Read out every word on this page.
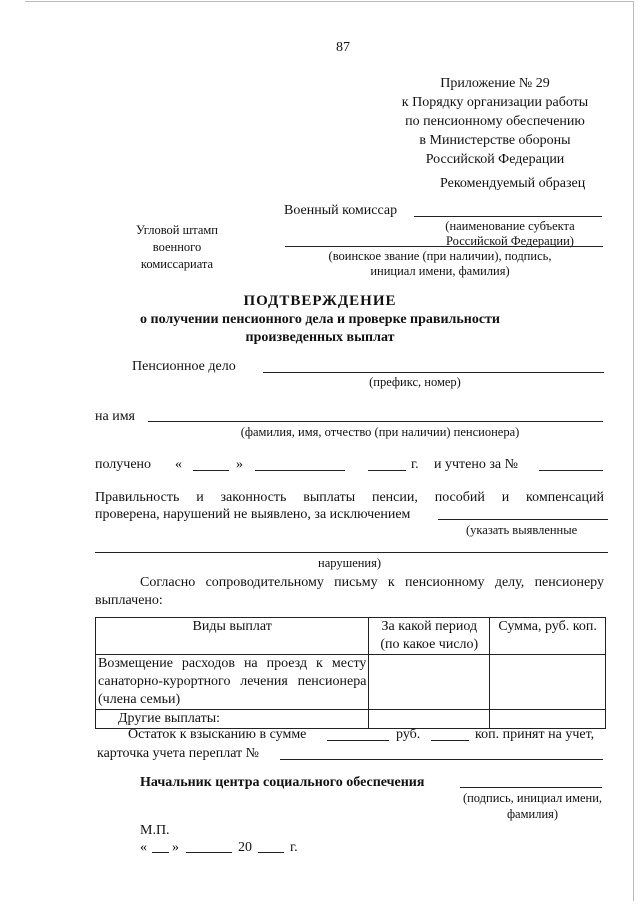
87
Приложение № 29
к Порядку организации работы
по пенсионному обеспечению
в Министерстве обороны
Российской Федерации
Рекомендуемый образец
Военный комиссар
(наименование субъекта
Российской Федерации)
(воинское звание (при наличии), подпись,
инициал имени, фамилия)
Угловой штамп
военного
комиссариата
ПОДТВЕРЖДЕНИЕ
о получении пенсионного дела и проверке правильности
произведенных выплат
Пенсионное дело
(префикс, номер)
на имя
(фамилия, имя, отчество (при наличии) пенсионера)
получено «	»	г. и учтено за №
Правильность и законность выплаты пенсии, пособий и компенсаций
проверена, нарушений не выявлено, за исключением
(указать выявленные
нарушения)
Согласно сопроводительному письму к пенсионному делу, пенсионеру
выплачено:
Виды выплат	За какой период (по какое число)	Сумма, руб. коп.
Возмещение расходов на проезд к месту санаторно-курортного лечения пенсионера (члена семьи)		
Другие выплаты:		
Остаток к взысканию в сумме	руб.	коп. принят на учет,
карточка учета переплат №
Начальник центра социального обеспечения
(подпись, инициал имени,
фамилия)
М.П.
« »	20	г.
